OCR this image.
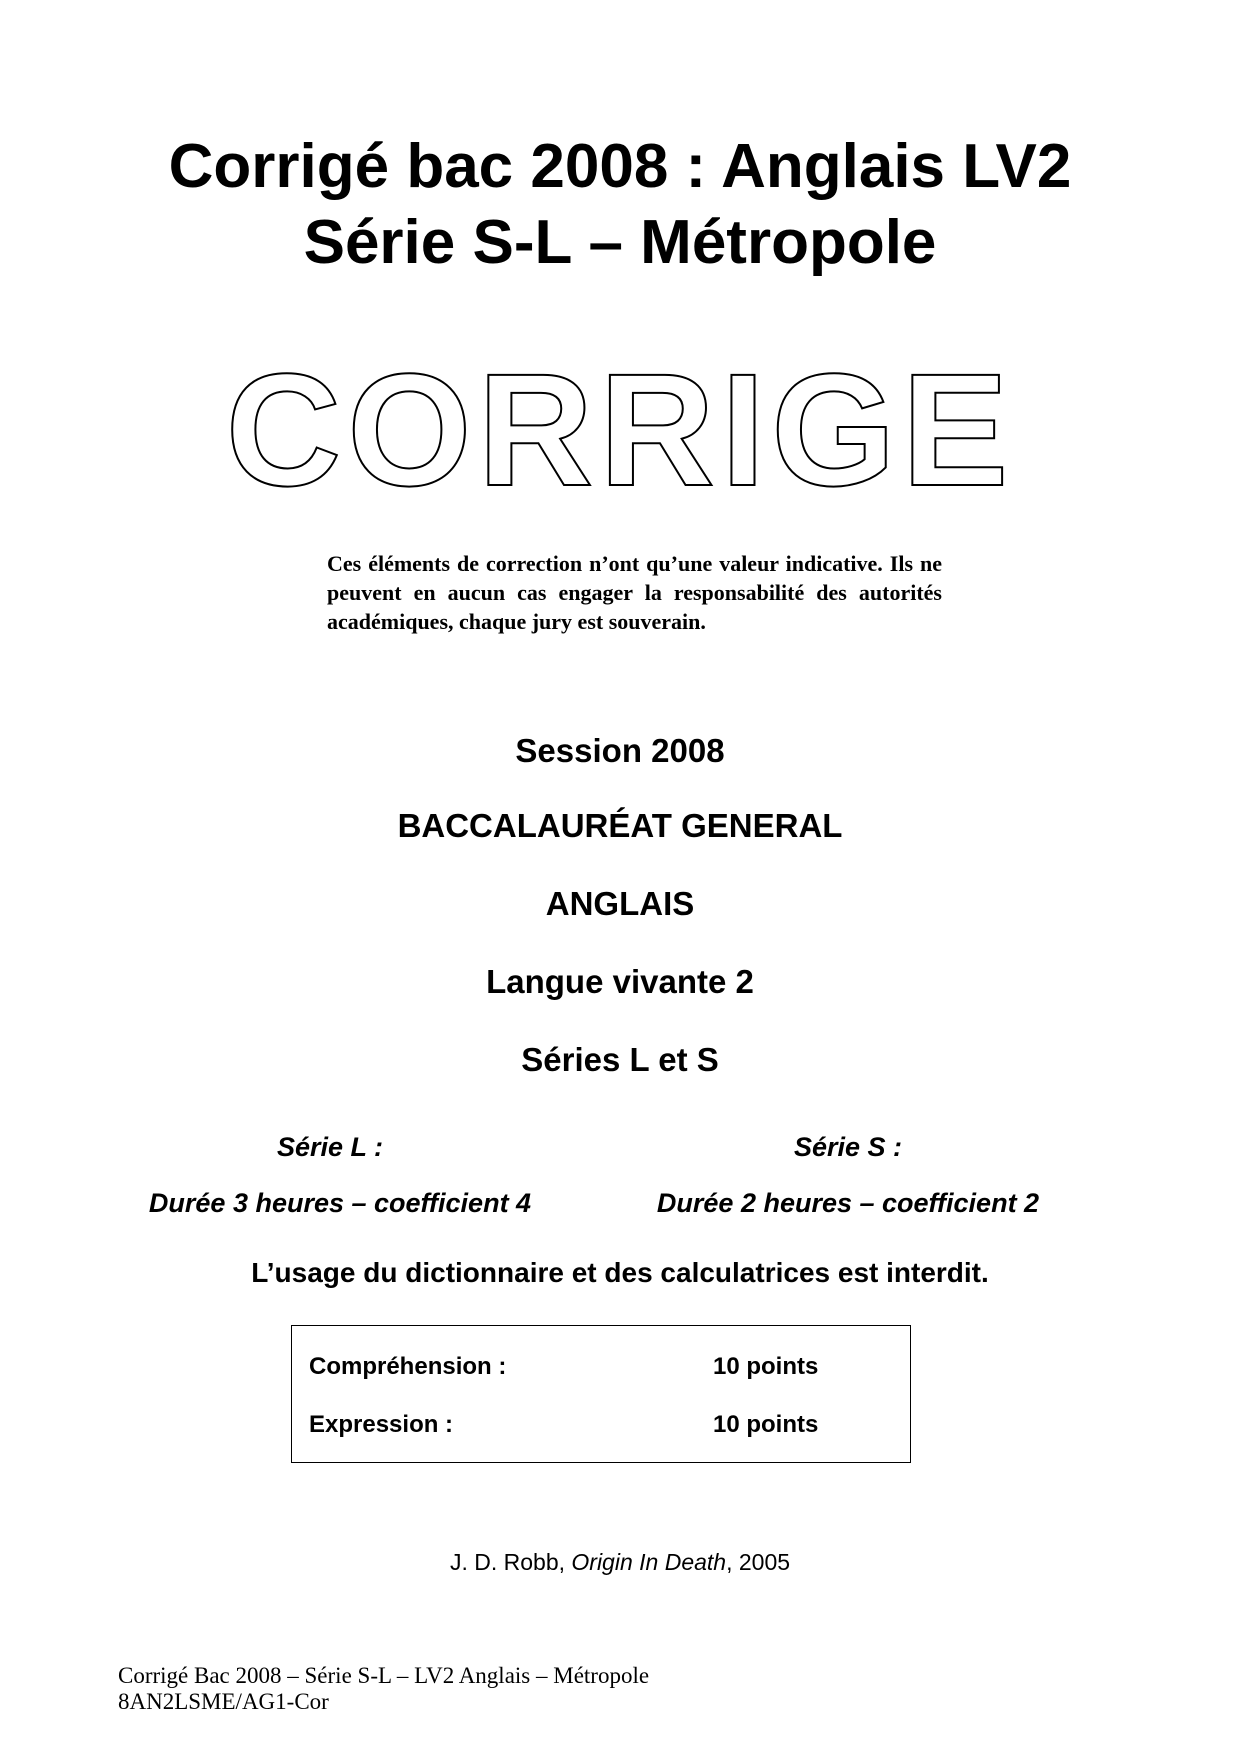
Corrigé bac 2008 : Anglais LV2
Série S-L – Métropole
CORRIGE
Ces éléments de correction n’ont qu’une valeur indicative. Ils ne peuvent en aucun cas engager la responsabilité des autorités académiques, chaque jury est souverain.
Session 2008
BACCALAURÉAT GENERAL
ANGLAIS
Langue vivante 2
Séries L et S
Série L :	Série S :
Durée 3 heures – coefficient 4	Durée 2 heures – coefficient 2
L’usage du dictionnaire et des calculatrices est interdit.
Compréhension :	10 points
Expression :	10 points
J. D. Robb, Origin In Death, 2005
Corrigé Bac 2008 – Série S-L – LV2 Anglais – Métropole
8AN2LSME/AG1-Cor
